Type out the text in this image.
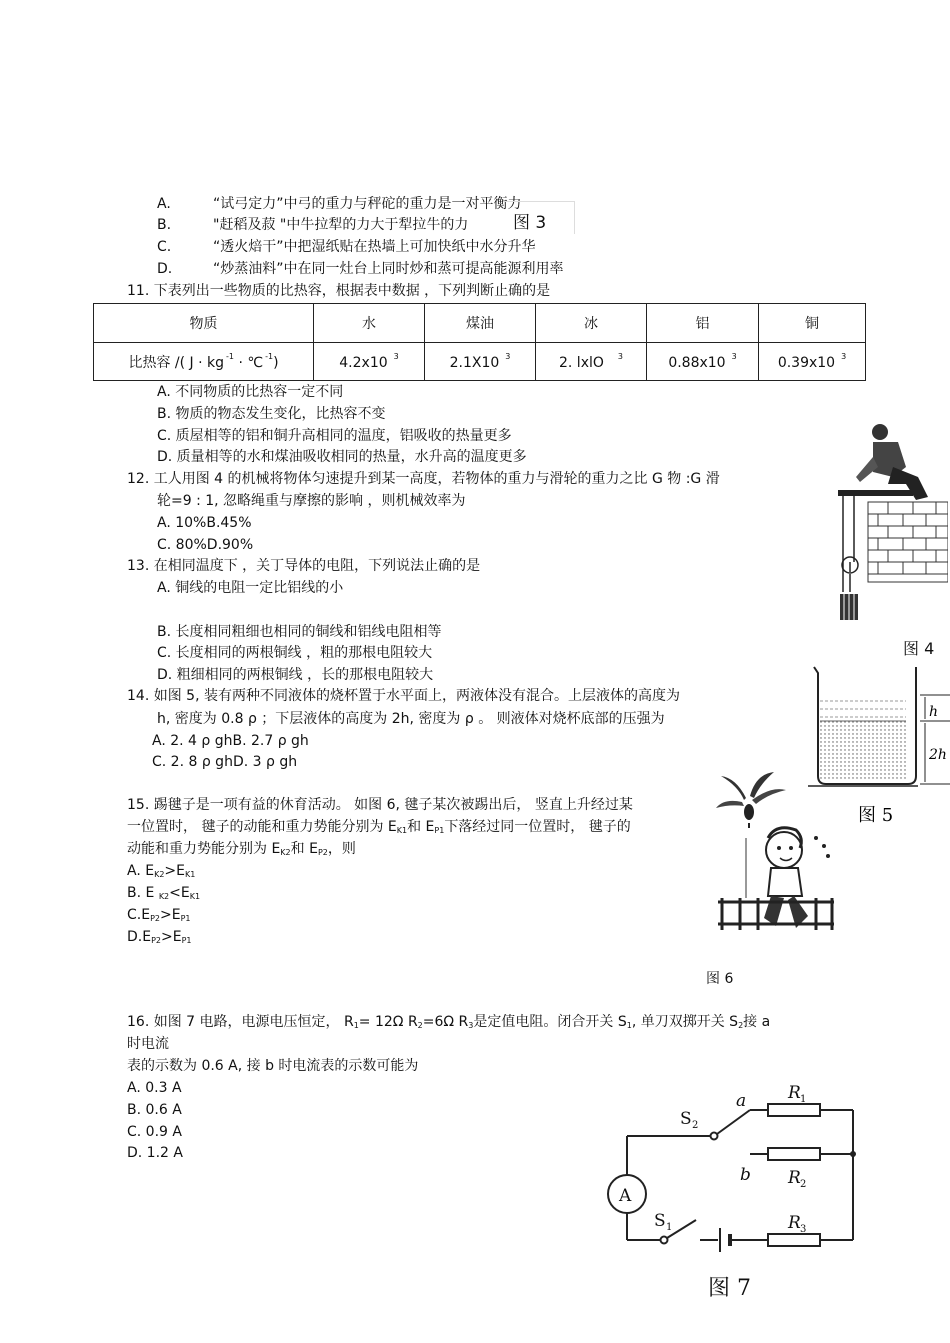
A.	“试弓定力”中弓的重力与秤砣的重力是一对平衡力
B.	"赶稻及菽 "中牛拉犁的力大于犁拉牛的力
C.	“透火焙干”中把湿纸贴在热墙上可加快纸中水分升华
D.	“炒蒸油料”中在同一灶台上同时炒和蒸可提高能源利用率
图 3
11. 下表列出一些物质的比热容，根据表中数据 ，下列判断止确的是
物质	水	煤油	冰	铝	铜
比热容 /( J · kg $^{-1}$ · ℃ $^{-1}$)	4.2x10 $^3$	2.1X10 $^3$	2. lxlO $^3$	0.88x10 $^3$	0.39x10 $^3$
A. 不同物质的比热容一定不同
B. 物质的物态发生变化，比热容不变
C. 质屋相等的铝和铜升高相同的温度，铝吸收的热量更多
D. 质量相等的水和煤油吸收相同的热量，水升高的温度更多
12. 工人用图 4 的机械将物体匀速提升到某一高度，若物体的重力与滑轮的重力之比 G 物 :G 滑
轮=9 : 1, 忽略绳重与摩擦的影响 ，则机械效率为
A. 10%B.45%
C. 80%D.90%
图 4
13. 在相同温度下 ，关丁导体的电阻，下列说法止确的是
A. 铜线的电阻一定比铝线的小
B. 长度相同粗细也相同的铜线和铝线电阻相等
C. 长度相同的两根铜线 ，粗的那根电阻较大
D. 粗细相同的两根铜线 ，长的那根电阻较大
14. 如图 5, 装有两种不同液体的烧杯置于水平面上，两液体没有混合。上层液体的高度为
h, 密度为 0.8 ρ ；下层液体的高度为 2h, 密度为 ρ 。 则液体对烧杯底部的压强为
A. 2. 4 ρ ghB. 2.7 ρ gh
C. 2. 8 ρ ghD. 3 ρ gh
h
2h
图 5
15. 踢毽子是一项有益的休育活动。 如图 6, 毽子某次被踢出后， 竖直上升经过某
一位置时， 毽子的动能和重力势能分别为 $E_{K1}$和 $E_{P1}$下落经过同一位置时， 毽子的
动能和重力势能分别为 $E_{K2}$和 $E_{P2}$，则
A. $E_{K2}>E_{K1}$
B. E $_{K2}<E_{K1}$
$C.E_{P2}>E_{P1}$
$D.E_{P2}>E_{P1}$
图 6
16. 如图 7 电路，电源电压恒定， $R_1= 12\Omega$ $R_2=6\Omega$ $R_3$是定值电阻。闭合开关 $S_1$, 单刀双掷开关 $S_2$接 a
时电流
表的示数为 0.6 A, 接 b 时电流表的示数可能为
A. 0.3 A
B. 0.6 A
C. 0.9 A
D. 1.2 A
A
S 2
a
b
R 1
R 2
R 3
S 1
图 7
